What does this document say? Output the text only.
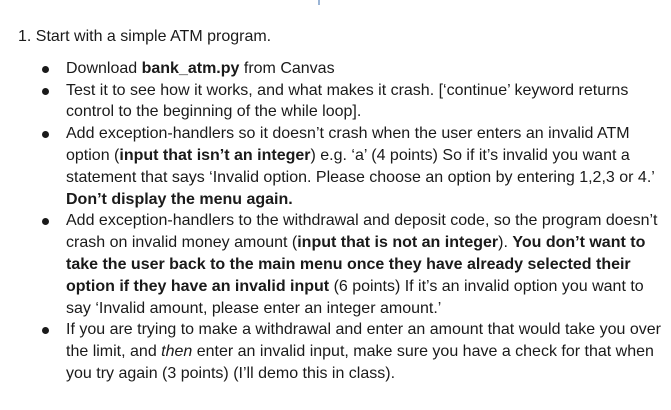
1. Start with a simple ATM program.

Download bank_atm.py from Canvas
Test it to see how it works, and what makes it crash. [‘continue’ keyword returns control to the beginning of the while loop].
Add exception-handlers so it doesn’t crash when the user enters an invalid ATM option (input that isn’t an integer) e.g. ‘a’ (4 points) So if it’s invalid you want a statement that says ‘Invalid option. Please choose an option by entering 1,2,3 or 4.’ Don’t display the menu again.
Add exception-handlers to the withdrawal and deposit code, so the program doesn’t crash on invalid money amount (input that is not an integer). You don’t want to take the user back to the main menu once they have already selected their option if they have an invalid input (6 points) If it’s an invalid option you want to say ‘Invalid amount, please enter an integer amount.’
If you are trying to make a withdrawal and enter an amount that would take you over the limit, and then enter an invalid input, make sure you have a check for that when you try again (3 points) (I’ll demo this in class).
